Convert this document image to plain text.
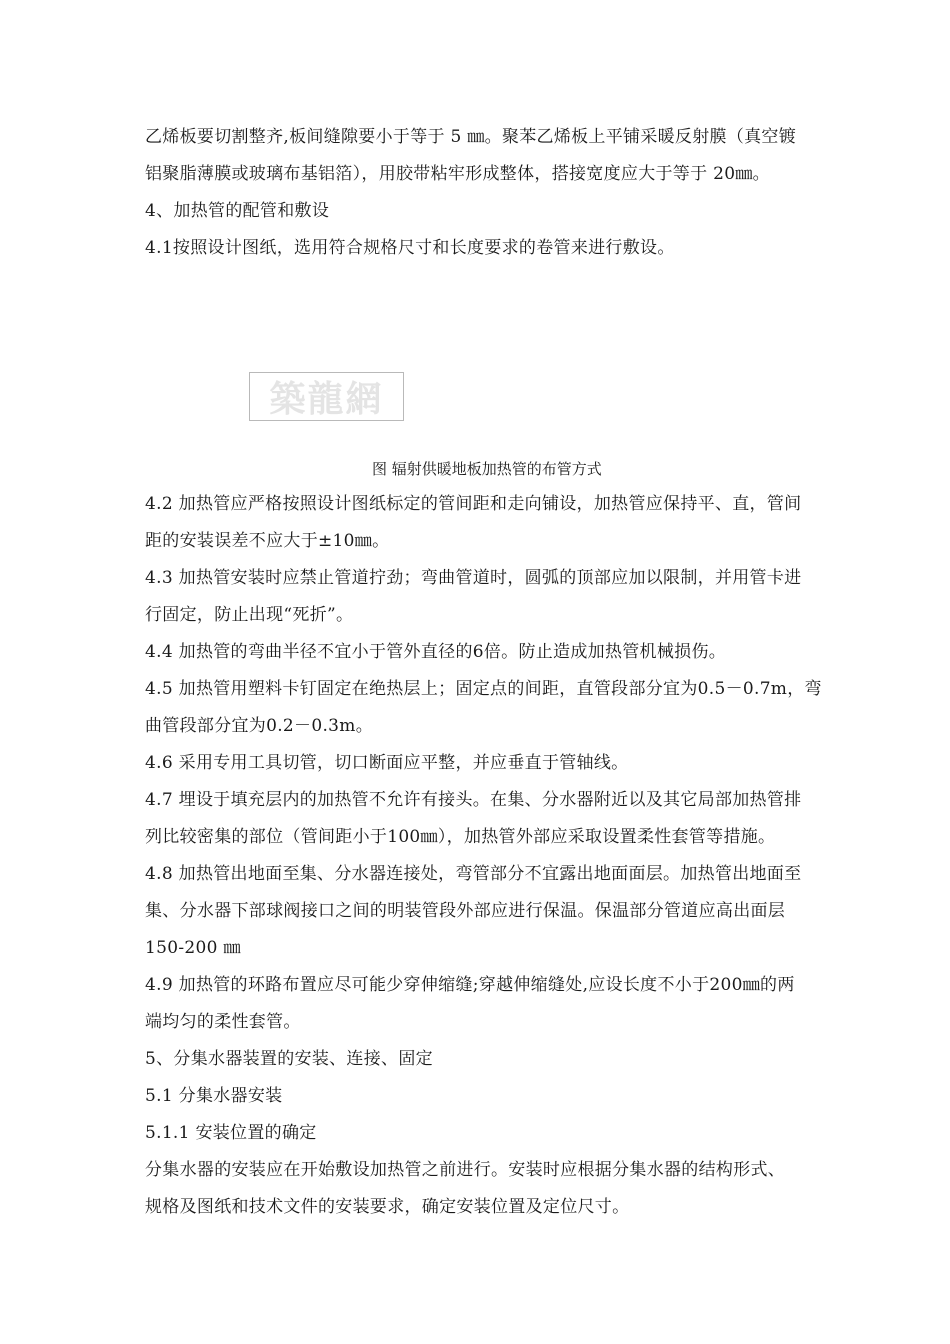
乙烯板要切割整齐,板间缝隙要小于等于 5 ㎜。聚苯乙烯板上平铺采暖反射膜（真空镀
铝聚脂薄膜或玻璃布基铝箔），用胶带粘牢形成整体，搭接宽度应大于等于 20㎜。
4、加热管的配管和敷设
4.1按照设计图纸，选用符合规格尺寸和长度要求的卷管来进行敷设。
築龍網
图 辐射供暖地板加热管的布管方式
4.2 加热管应严格按照设计图纸标定的管间距和走向铺设，加热管应保持平、直，管间
距的安装误差不应大于±10㎜。
4.3 加热管安装时应禁止管道拧劲；弯曲管道时，圆弧的顶部应加以限制，并用管卡进
行固定，防止出现“死折”。
4.4 加热管的弯曲半径不宜小于管外直径的6倍。防止造成加热管机械损伤。
4.5 加热管用塑料卡钉固定在绝热层上；固定点的间距，直管段部分宜为0.5－0.7m，弯
曲管段部分宜为0.2－0.3m。
4.6 采用专用工具切管，切口断面应平整，并应垂直于管轴线。
4.7 埋设于填充层内的加热管不允许有接头。在集、分水器附近以及其它局部加热管排
列比较密集的部位（管间距小于100㎜），加热管外部应采取设置柔性套管等措施。
4.8 加热管出地面至集、分水器连接处，弯管部分不宜露出地面面层。加热管出地面至
集、分水器下部球阀接口之间的明装管段外部应进行保温。保温部分管道应高出面层
150-200 ㎜
4.9 加热管的环路布置应尽可能少穿伸缩缝;穿越伸缩缝处,应设长度不小于200㎜的两
端均匀的柔性套管。
5、分集水器装置的安装、连接、固定
5.1 分集水器安装
5.1.1 安装位置的确定
分集水器的安装应在开始敷设加热管之前进行。安装时应根据分集水器的结构形式、
规格及图纸和技术文件的安装要求，确定安装位置及定位尺寸。
